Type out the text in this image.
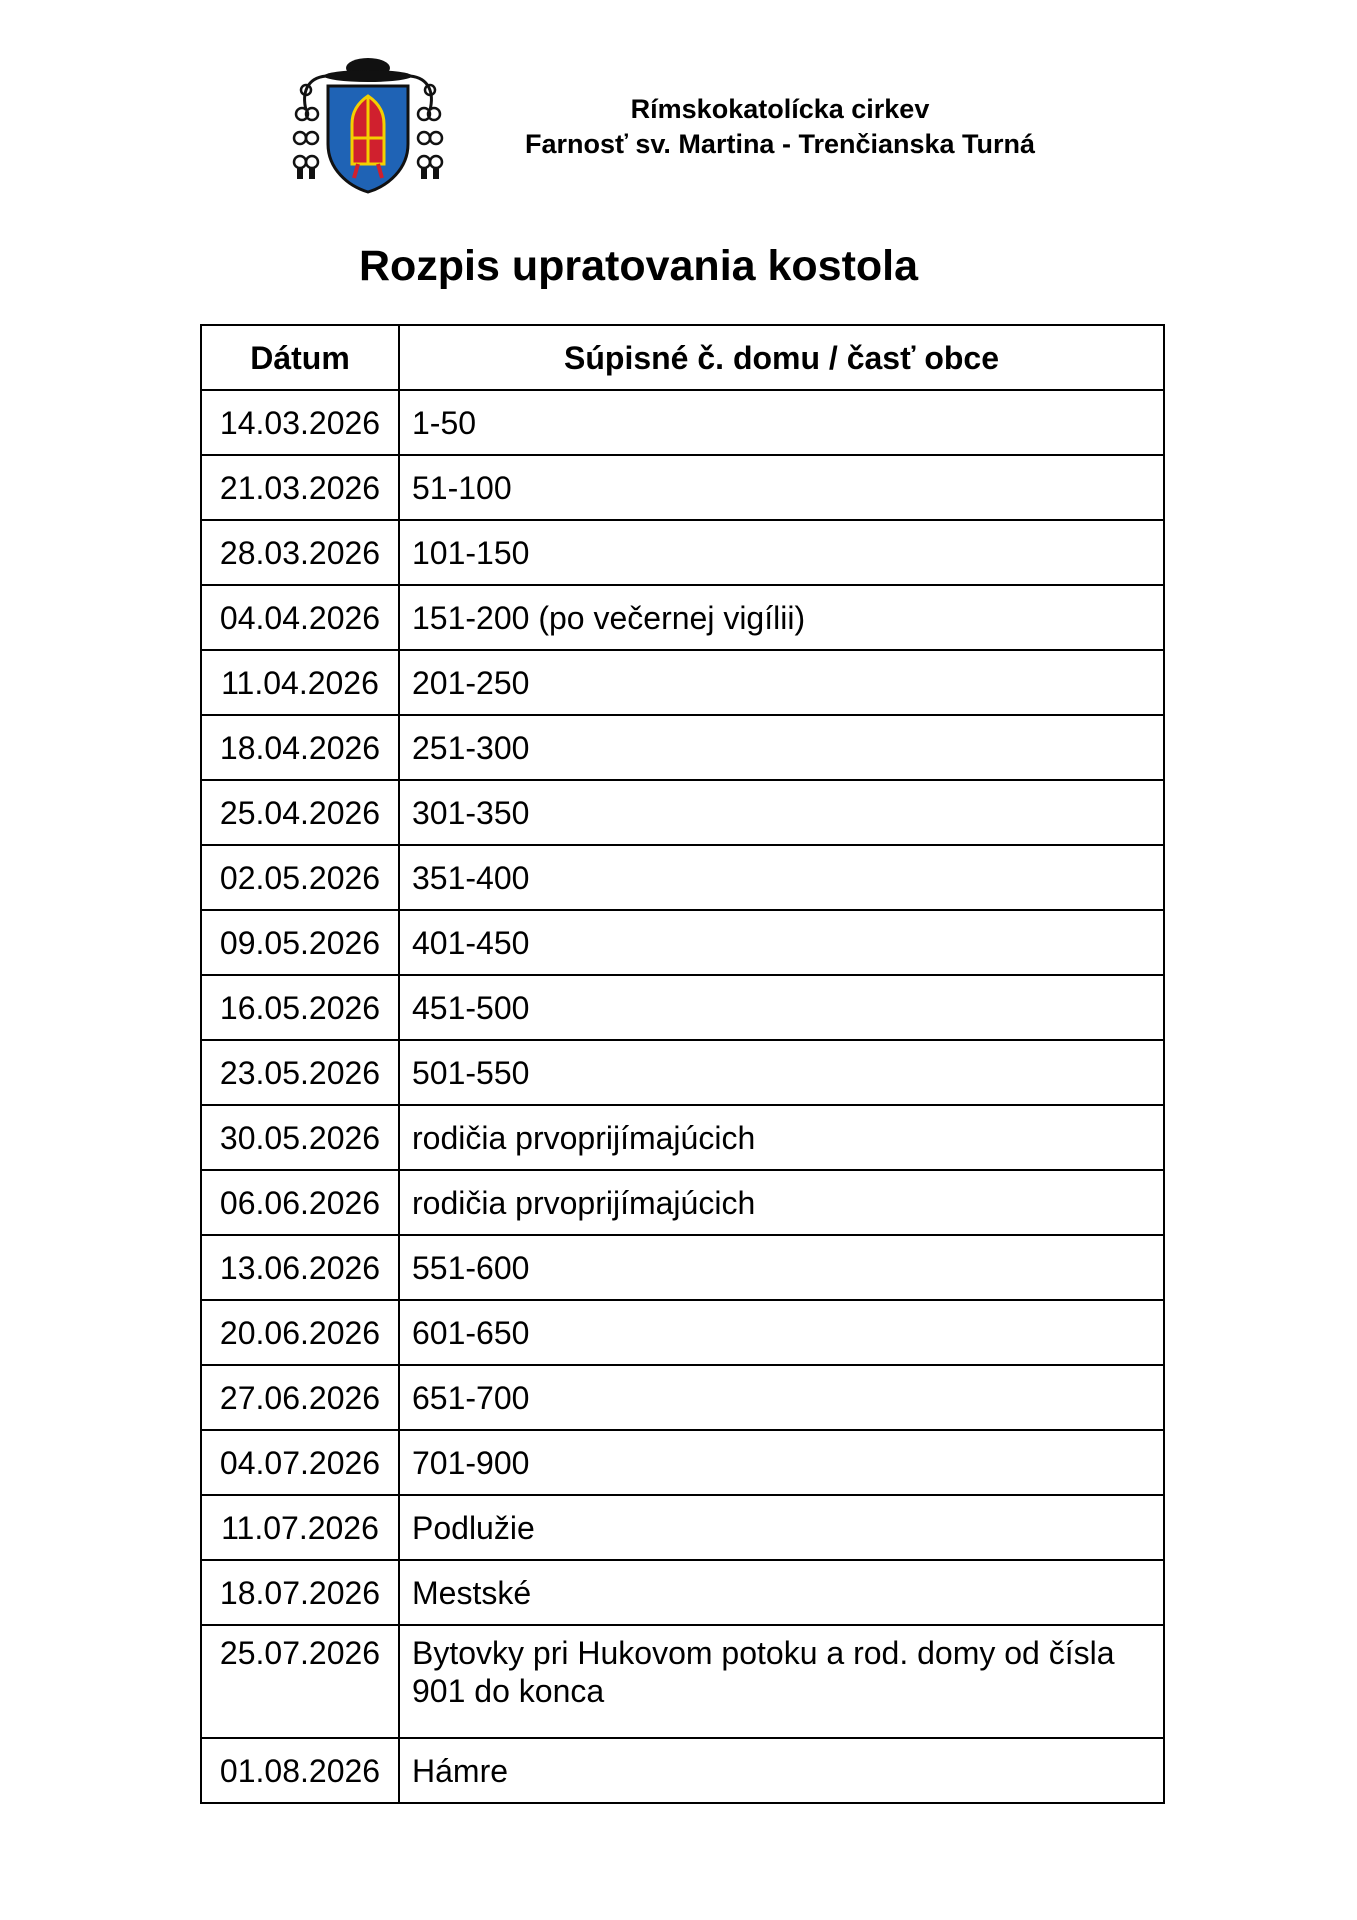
Rímskokatolícka cirkev
Farnosť sv. Martina - Trenčianska Turná
Rozpis upratovania kostola
Dátum	Súpisné č. domu / časť obce
14.03.2026	1-50
21.03.2026	51-100
28.03.2026	101-150
04.04.2026	151-200 (po večernej vigílii)
11.04.2026	201-250
18.04.2026	251-300
25.04.2026	301-350
02.05.2026	351-400
09.05.2026	401-450
16.05.2026	451-500
23.05.2026	501-550
30.05.2026	rodičia prvoprijímajúcich
06.06.2026	rodičia prvoprijímajúcich
13.06.2026	551-600
20.06.2026	601-650
27.06.2026	651-700
04.07.2026	701-900
11.07.2026	Podlužie
18.07.2026	Mestské
25.07.2026	Bytovky pri Hukovom potoku a rod. domy od čísla 901 do konca
01.08.2026	Hámre
